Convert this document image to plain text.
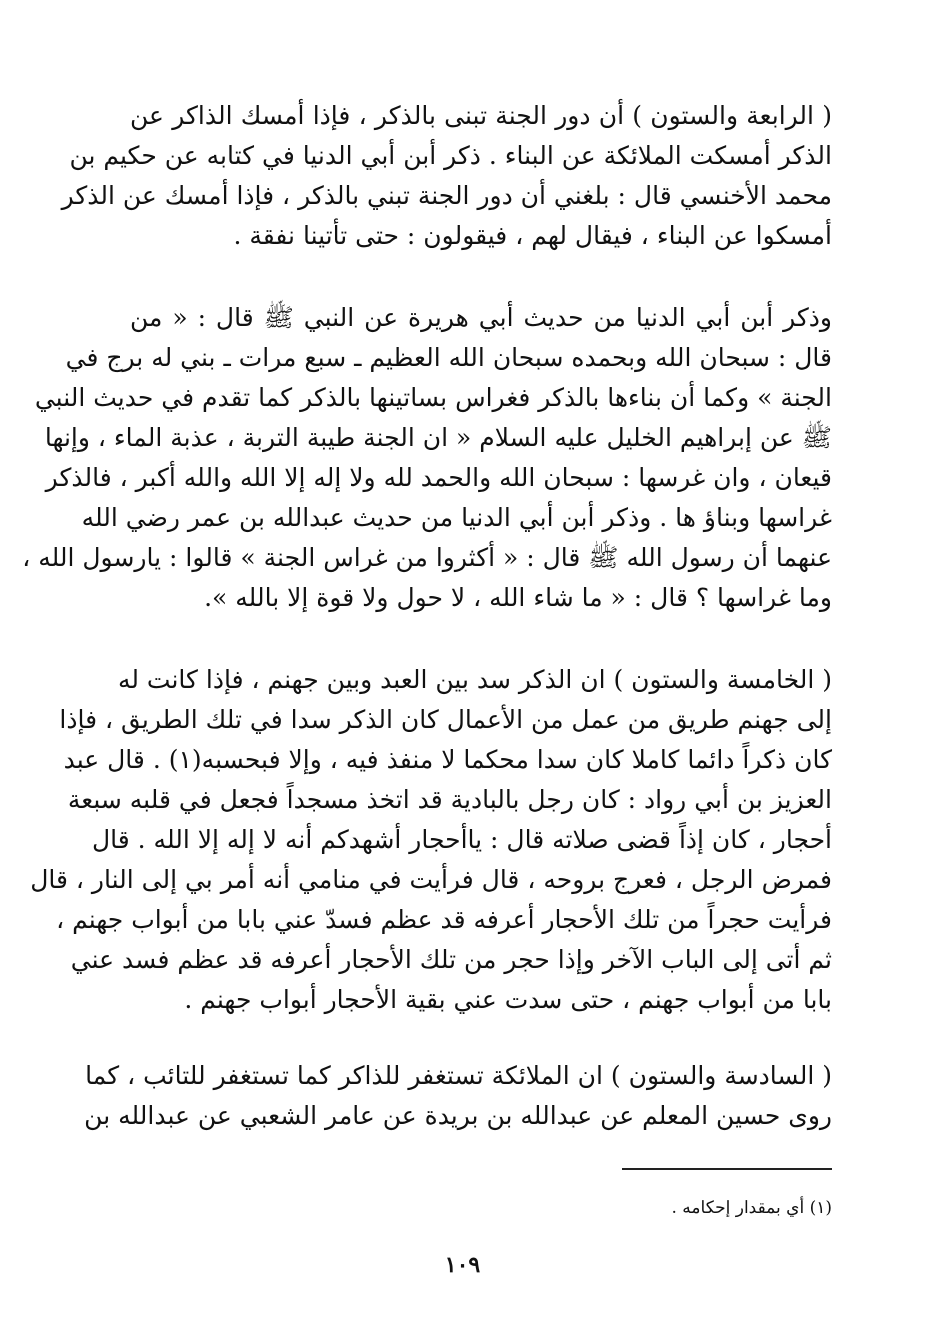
( الرابعة والستون ) أن دور الجنة تبنى بالذكر ، فإذا أمسك الذاكر عن
الذكر أمسكت الملائكة عن البناء . ذكر أبن أبي الدنيا في كتابه عن حكيم بن
محمد الأخنسي قال : بلغني أن دور الجنة تبني بالذكر ، فإذا أمسك عن الذكر
أمسكوا عن البناء ، فيقال لهم ، فيقولون : حتى تأتينا نفقة .
وذكر أبن أبي الدنيا من حديث أبي هريرة عن النبي ﷺ قال : « من
قال : سبحان الله وبحمده سبحان الله العظيم ـ سبع مرات ـ بني له برج في
الجنة » وكما أن بناءها بالذكر فغراس بساتينها بالذكر كما تقدم في حديث النبي
ﷺ عن إبراهيم الخليل عليه السلام « ان الجنة طيبة التربة ، عذبة الماء ، وإنها
قيعان ، وان غرسها : سبحان الله والحمد لله ولا إله إلا الله والله أكبر ، فالذكر
غراسها وبناؤ ها . وذكر أبن أبي الدنيا من حديث عبدالله بن عمر رضي الله
عنهما أن رسول الله ﷺ قال : « أكثروا من غراس الجنة » قالوا : يارسول الله ،
وما غراسها ؟ قال : « ما شاء الله ، لا حول ولا قوة إلا بالله ».
( الخامسة والستون ) ان الذكر سد بين العبد وبين جهنم ، فإذا كانت له
إلى جهنم طريق من عمل من الأعمال كان الذكر سدا في تلك الطريق ، فإذا
كان ذكراً دائما كاملا كان سدا محكما لا منفذ فيه ، وإلا فبحسبه(١) . قال عبد
العزيز بن أبي رواد : كان رجل بالبادية قد اتخذ مسجداً فجعل في قلبه سبعة
أحجار ، كان إذاً قضى صلاته قال : ياأحجار أشهدكم أنه لا إله إلا الله . قال
فمرض الرجل ، فعرج بروحه ، قال فرأيت في منامي أنه أمر بي إلى النار ، قال
فرأيت حجراً من تلك الأحجار أعرفه قد عظم فسدّ عني بابا من أبواب جهنم ،
ثم أتى إلى الباب الآخر وإذا حجر من تلك الأحجار أعرفه قد عظم فسد عني
بابا من أبواب جهنم ، حتى سدت عني بقية الأحجار أبواب جهنم .
( السادسة والستون ) ان الملائكة تستغفر للذاكر كما تستغفر للتائب ، كما
روى حسين المعلم عن عبدالله بن بريدة عن عامر الشعبي عن عبدالله بن
(١) أي بمقدار إحكامه .
١٠٩
